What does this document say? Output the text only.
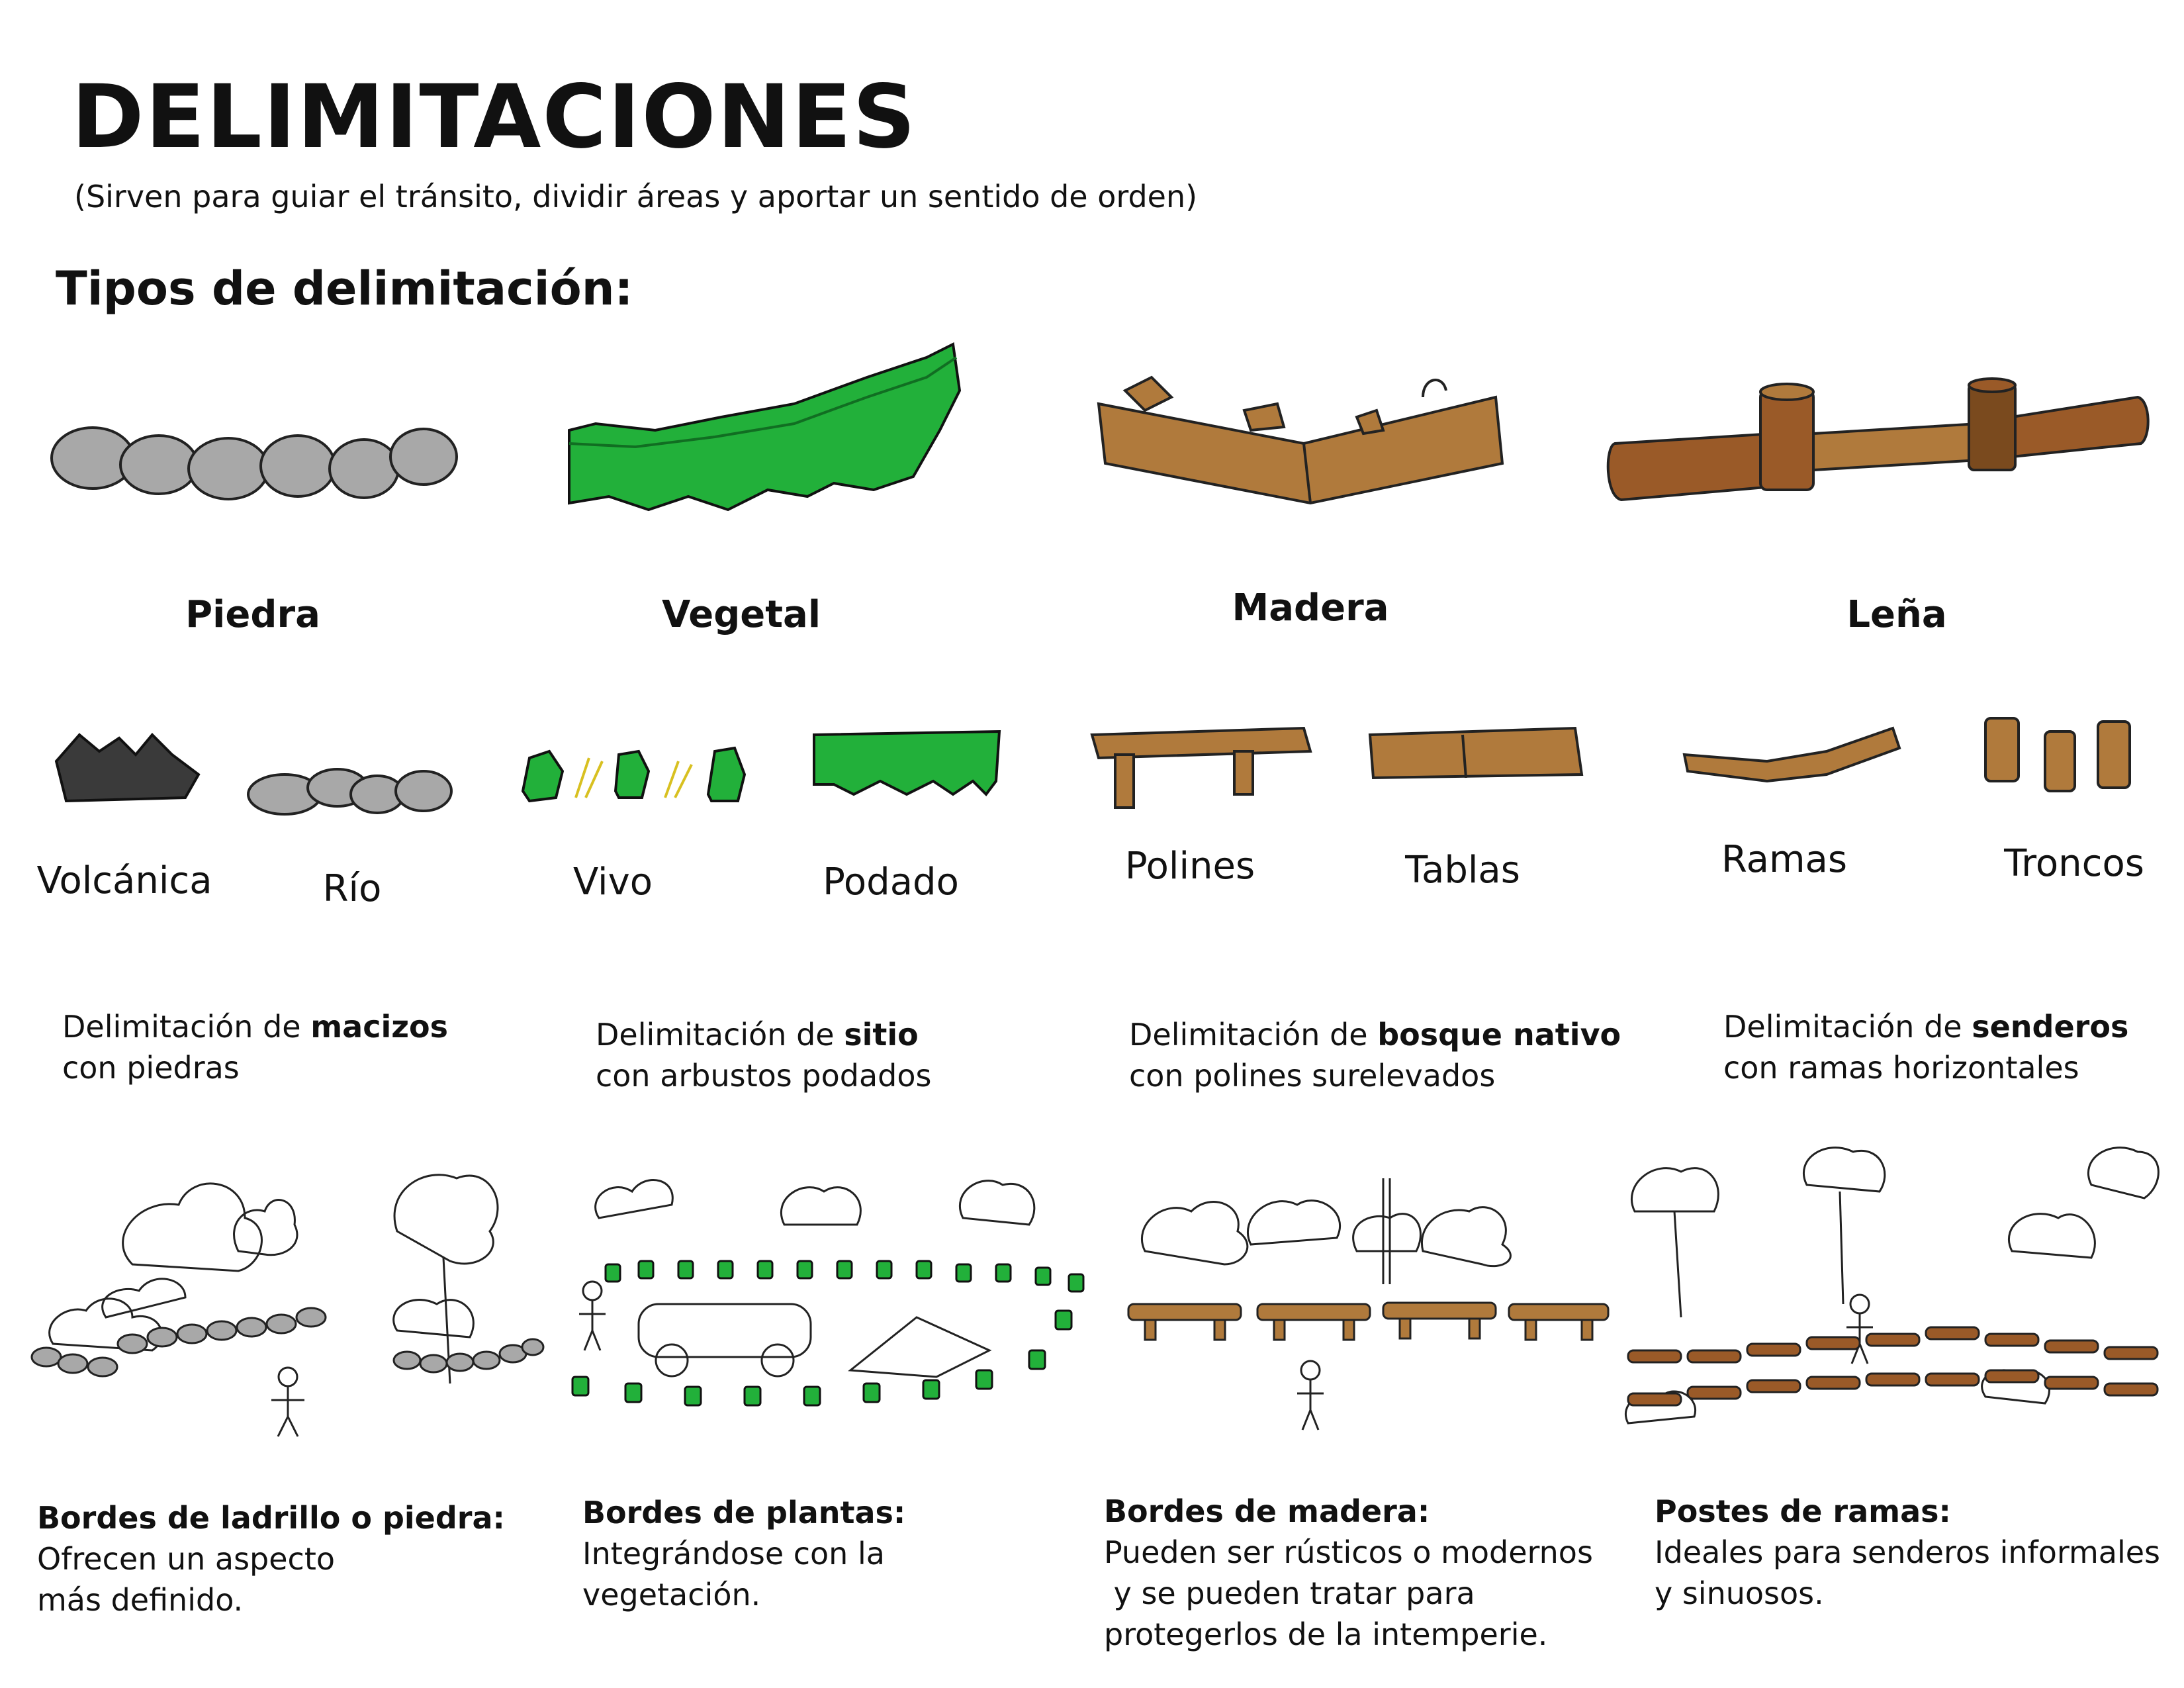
DELIMITACIONES
(Sirven para guiar el tránsito, dividir áreas y aportar un sentido de orden)
Tipos de delimitación:
Piedra	Vegetal	Madera	Leña
Volcánica	Río	Vivo	Podado	Polines	Tablas	Ramas	Troncos
Delimitación de macizos
con piedras
Delimitación de sitio
con arbustos podados
Delimitación de bosque nativo
con polines surelevados
Delimitación de senderos
con ramas horizontales
Bordes de ladrillo o piedra:
Ofrecen un aspecto
más definido.
Bordes de plantas:
Integrándose con la
vegetación.
Bordes de madera:
Pueden ser rústicos o modernos
y se pueden tratar para
protegerlos de la intemperie.
Postes de ramas:
Ideales para senderos informales
y sinuosos.
